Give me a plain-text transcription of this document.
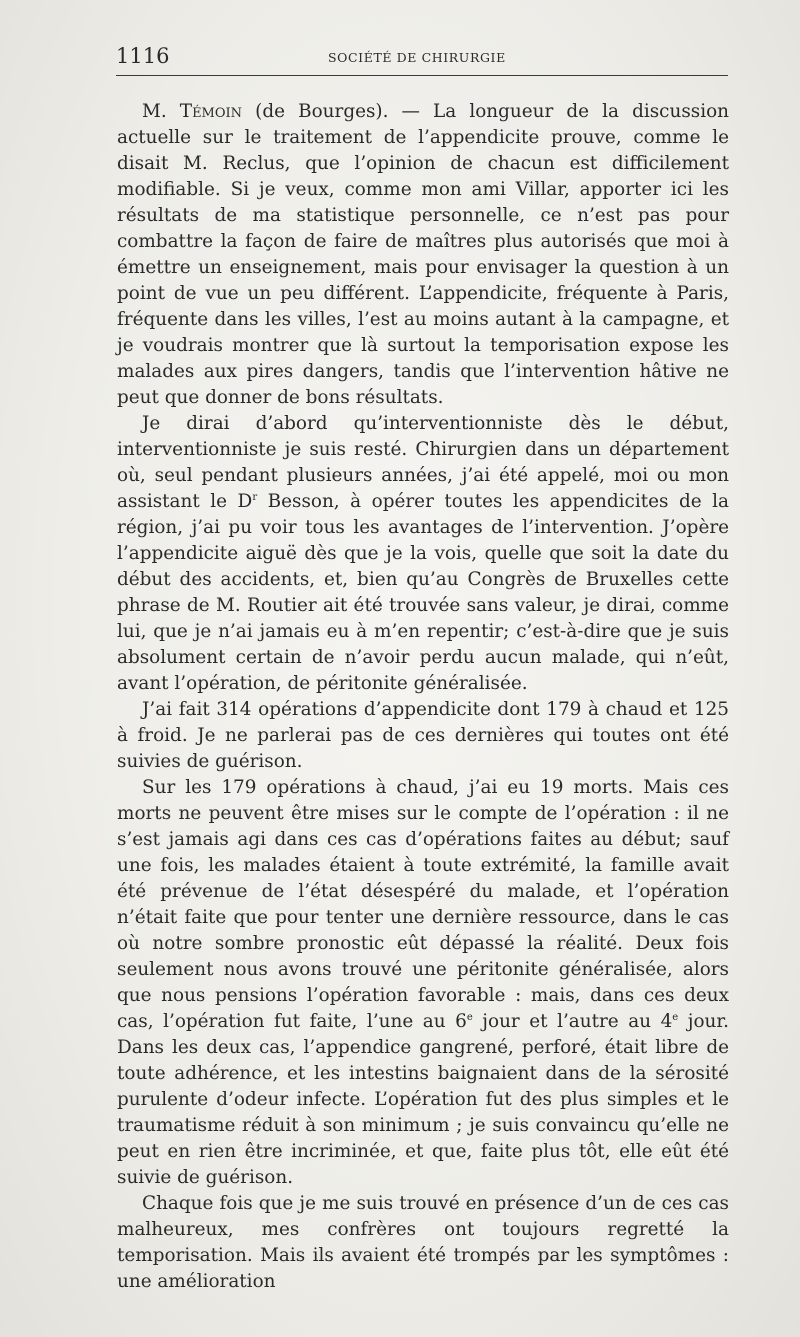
1116	SOCIÉTÉ DE CHIRURGIE

M. Témoin (de Bourges). — La longueur de la discussion actuelle sur le traitement de l’appendicite prouve, comme le disait M. Reclus, que l’opinion de chacun est difficilement modifiable. Si je veux, comme mon ami Villar, apporter ici les résultats de ma statistique personnelle, ce n’est pas pour combattre la façon de faire de maîtres plus autorisés que moi à émettre un enseignement, mais pour envisager la question à un point de vue un peu différent. L’appendicite, fréquente à Paris, fréquente dans les villes, l’est au moins autant à la campagne, et je voudrais montrer que là surtout la temporisation expose les malades aux pires dangers, tandis que l’intervention hâtive ne peut que donner de bons résultats.

Je dirai d’abord qu’interventionniste dès le début, interventionniste je suis resté. Chirurgien dans un département où, seul pendant plusieurs années, j’ai été appelé, moi ou mon assistant le $D^r$ Besson, à opérer toutes les appendicites de la région, j’ai pu voir tous les avantages de l’intervention. J’opère l’appendicite aiguë dès que je la vois, quelle que soit la date du début des accidents, et, bien qu’au Congrès de Bruxelles cette phrase de M. Routier ait été trouvée sans valeur, je dirai, comme lui, que je n’ai jamais eu à m’en repentir; c’est-à-dire que je suis absolument certain de n’avoir perdu aucun malade, qui n’eût, avant l’opération, de péritonite généralisée.

J’ai fait 314 opérations d’appendicite dont 179 à chaud et 125 à froid. Je ne parlerai pas de ces dernières qui toutes ont été suivies de guérison.

Sur les 179 opérations à chaud, j’ai eu 19 morts. Mais ces morts ne peuvent être mises sur le compte de l’opération : il ne s’est jamais agi dans ces cas d’opérations faites au début; sauf une fois, les malades étaient à toute extrémité, la famille avait été prévenue de l’état désespéré du malade, et l’opération n’était faite que pour tenter une dernière ressource, dans le cas où notre sombre pronostic eût dépassé la réalité. Deux fois seulement nous avons trouvé une péritonite généralisée, alors que nous pensions l’opération favorable : mais, dans ces deux cas, l’opération fut faite, l’une au 6e jour et l’autre au 4e jour. Dans les deux cas, l’appendice gangrené, perforé, était libre de toute adhérence, et les intestins baignaient dans de la sérosité purulente d’odeur infecte. L’opération fut des plus simples et le traumatisme réduit à son minimum ; je suis convaincu qu’elle ne peut en rien être incriminée, et que, faite plus tôt, elle eût été suivie de guérison.

Chaque fois que je me suis trouvé en présence d’un de ces cas malheureux, mes confrères ont toujours regretté la temporisation. Mais ils avaient été trompés par les symptômes : une amélioration
